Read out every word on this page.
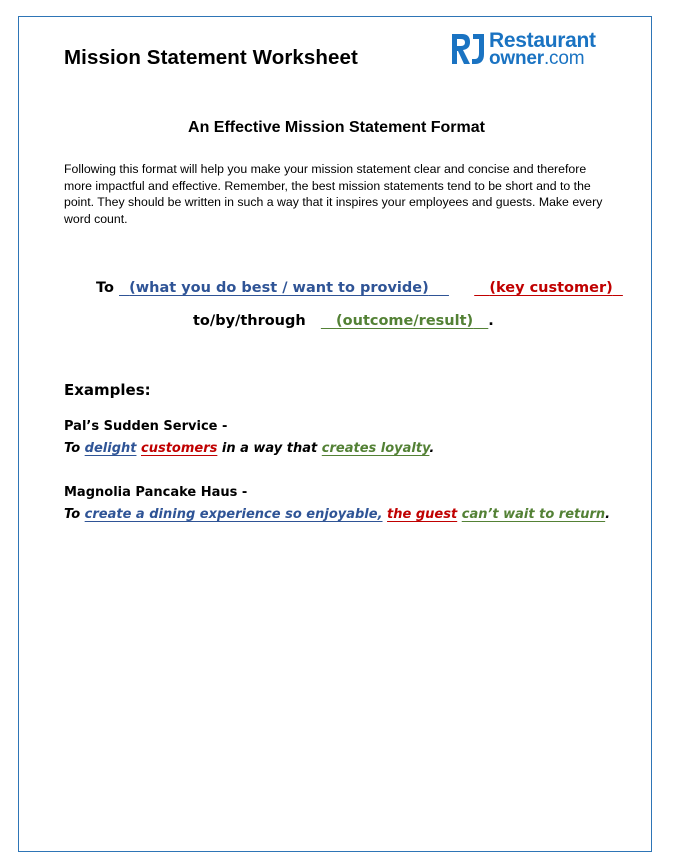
Mission Statement Worksheet
Restaurant
owner.com
An Effective Mission Statement Format

Following this format will help you make your mission statement clear and concise and therefore more impactful and effective. Remember, the best mission statements tend to be short and to the point. They should be written in such a way that it inspires your employees and guests. Make every word count.

To (what you do best / want to provide)	(key customer)
to/by/through (outcome/result) .
Examples:
Pal’s Sudden Service -
To delight customers in a way that creates loyalty.
Magnolia Pancake Haus -
To create a dining experience so enjoyable, the guest can’t wait to return.
